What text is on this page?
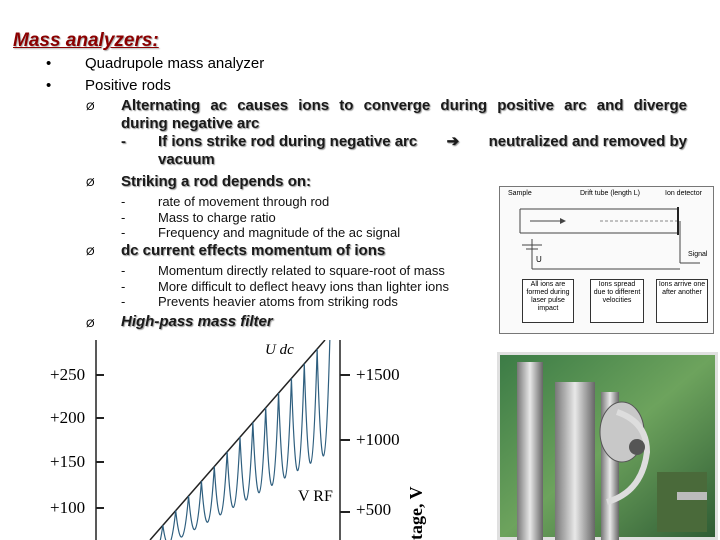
Mass analyzers:
• Quadrupole mass analyzer
• Positive rods
Ø Alternating ac causes ions to converge during positive arc and diverge
during negative arc
-	If ions strike rod during negative arc ➔ neutralized and removed by
vacuum
Ø Striking a rod depends on:
-	rate of movement through rod
-	Mass to charge ratio
-	Frequency and magnitude of the ac signal
Ø dc current effects momentum of ions
-	Momentum directly related to square-root of mass
-	More difficult to deflect heavy ions than lighter ions
-	Prevents heavier atoms from striking rods
Ø High-pass mass filter
Sample	Drift tube (length L)	Ion detector
U
Signal
All ions are formed during laser pulse impact
Ions spread due to different velocities
Ions arrive one after another
+250
+200
+150
+100
+1500
+1000
+500
U dc
V RF	tage, V
